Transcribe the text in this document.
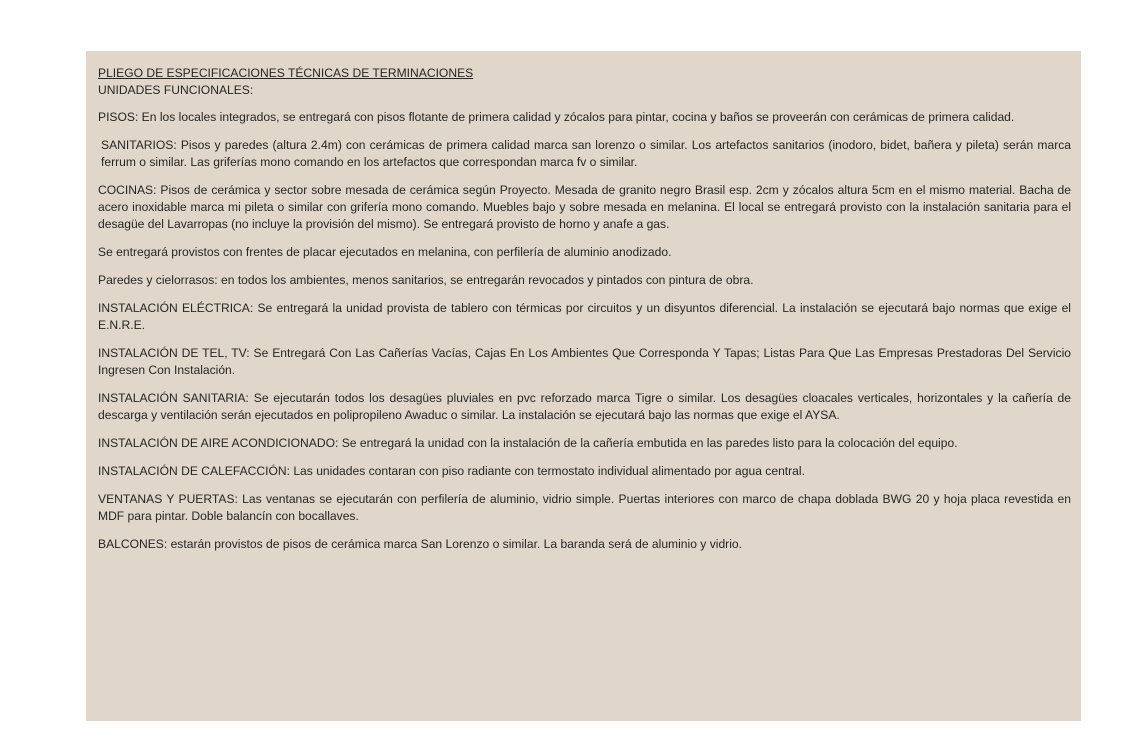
PLIEGO DE ESPECIFICACIONES TÉCNICAS DE TERMINACIONES

UNIDADES FUNCIONALES:

PISOS: En los locales integrados, se entregará con pisos flotante de primera calidad y zócalos para pintar, cocina y baños se proveerán con cerámicas de primera calidad.

SANITARIOS: Pisos y paredes (altura 2.4m) con cerámicas de primera calidad marca san lorenzo o similar. Los artefactos sanitarios (inodoro, bidet, bañera y pileta) serán marca ferrum o similar. Las griferías mono comando en los artefactos que correspondan marca fv o similar.

COCINAS: Pisos de cerámica y sector sobre mesada de cerámica según Proyecto. Mesada de granito negro Brasil esp. 2cm y zócalos altura 5cm en el mismo material. Bacha de acero inoxidable marca mi pileta o similar con grifería mono comando. Muebles bajo y sobre mesada en melanina. El local se entregará provisto con la instalación sanitaria para el desagüe del Lavarropas (no incluye la provisión del mismo). Se entregará provisto de horno y anafe a gas.

Se entregará provistos con frentes de placar ejecutados en melanina, con perfilería de aluminio anodizado.

Paredes y cielorrasos: en todos los ambientes, menos sanitarios, se entregarán revocados y pintados con pintura de obra.

INSTALACIÓN ELÉCTRICA: Se entregará la unidad provista de tablero con térmicas por circuitos y un disyuntos diferencial. La instalación se ejecutará bajo normas que exige el E.N.R.E.

INSTALACIÓN DE TEL, TV: Se Entregará Con Las Cañerías Vacías, Cajas En Los Ambientes Que Corresponda Y Tapas; Listas Para Que Las Empresas Prestadoras Del Servicio Ingresen Con Instalación.

INSTALACIÓN SANITARIA: Se ejecutarán todos los desagües pluviales en pvc reforzado marca Tigre o similar. Los desagües cloacales verticales, horizontales y la cañería de descarga y ventilación serán ejecutados en polipropileno Awaduc o similar. La instalación se ejecutará bajo las normas que exige el AYSA.

INSTALACIÓN DE AIRE ACONDICIONADO: Se entregará la unidad con la instalación de la cañería embutida en las paredes listo para la colocación del equipo.

INSTALACIÓN DE CALEFACCIÓN: Las unidades contaran con piso radiante con termostato individual alimentado por agua central.

VENTANAS Y PUERTAS: Las ventanas se ejecutarán con perfilería de aluminio, vidrio simple. Puertas interiores con marco de chapa doblada BWG 20 y hoja placa revestida en MDF para pintar. Doble balancín con bocallaves.

BALCONES: estarán provistos de pisos de cerámica marca San Lorenzo o similar. La baranda será de aluminio y vidrio.
